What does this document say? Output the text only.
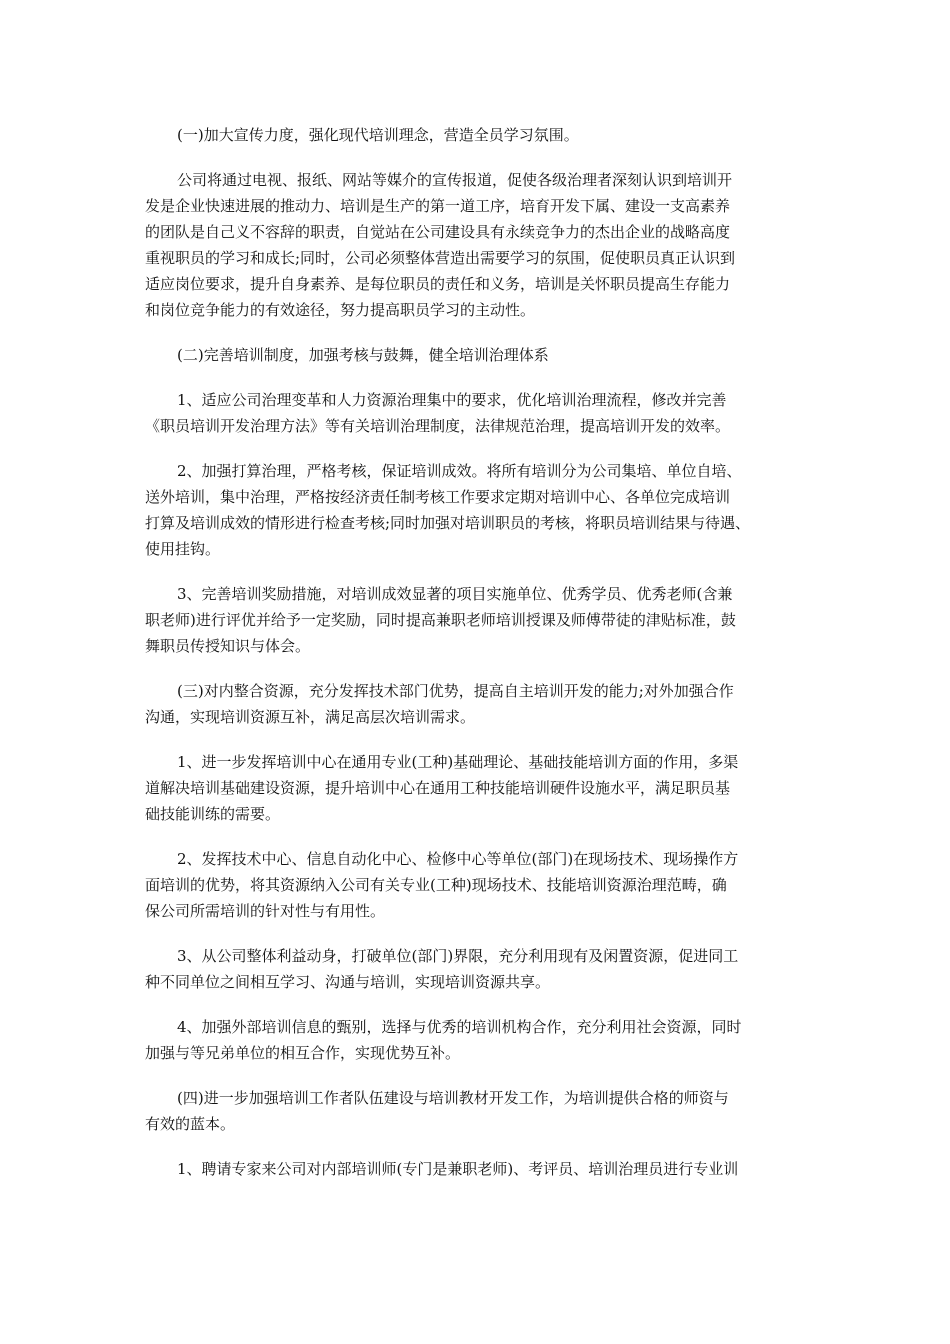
(一)加大宣传力度，强化现代培训理念，营造全员学习氛围。

公司将通过电视、报纸、网站等媒介的宣传报道，促使各级治理者深刻认识到培训开
发是企业快速进展的推动力、培训是生产的第一道工序，培育开发下属、建设一支高素养
的团队是自己义不容辞的职责，自觉站在公司建设具有永续竞争力的杰出企业的战略高度
重视职员的学习和成长;同时，公司必须整体营造出需要学习的氛围，促使职员真正认识到
适应岗位要求，提升自身素养、是每位职员的责任和义务，培训是关怀职员提高生存能力
和岗位竞争能力的有效途径，努力提高职员学习的主动性。

(二)完善培训制度，加强考核与鼓舞，健全培训治理体系

1、适应公司治理变革和人力资源治理集中的要求，优化培训治理流程，修改并完善
《职员培训开发治理方法》等有关培训治理制度，法律规范治理，提高培训开发的效率。

2、加强打算治理，严格考核，保证培训成效。将所有培训分为公司集培、单位自培、
送外培训，集中治理，严格按经济责任制考核工作要求定期对培训中心、各单位完成培训
打算及培训成效的情形进行检查考核;同时加强对培训职员的考核，将职员培训结果与待遇、
使用挂钩。

3、完善培训奖励措施，对培训成效显著的项目实施单位、优秀学员、优秀老师(含兼
职老师)进行评优并给予一定奖励，同时提高兼职老师培训授课及师傅带徒的津贴标准，鼓
舞职员传授知识与体会。

(三)对内整合资源，充分发挥技术部门优势，提高自主培训开发的能力;对外加强合作
沟通，实现培训资源互补，满足高层次培训需求。

1、进一步发挥培训中心在通用专业(工种)基础理论、基础技能培训方面的作用，多渠
道解决培训基础建设资源，提升培训中心在通用工种技能培训硬件设施水平，满足职员基
础技能训练的需要。

2、发挥技术中心、信息自动化中心、检修中心等单位(部门)在现场技术、现场操作方
面培训的优势，将其资源纳入公司有关专业(工种)现场技术、技能培训资源治理范畴，确
保公司所需培训的针对性与有用性。

3、从公司整体利益动身，打破单位(部门)界限，充分利用现有及闲置资源，促进同工
种不同单位之间相互学习、沟通与培训，实现培训资源共享。

4、加强外部培训信息的甄别，选择与优秀的培训机构合作，充分利用社会资源，同时
加强与等兄弟单位的相互合作，实现优势互补。

(四)进一步加强培训工作者队伍建设与培训教材开发工作，为培训提供合格的师资与
有效的蓝本。

1、聘请专家来公司对内部培训师(专门是兼职老师)、考评员、培训治理员进行专业训
